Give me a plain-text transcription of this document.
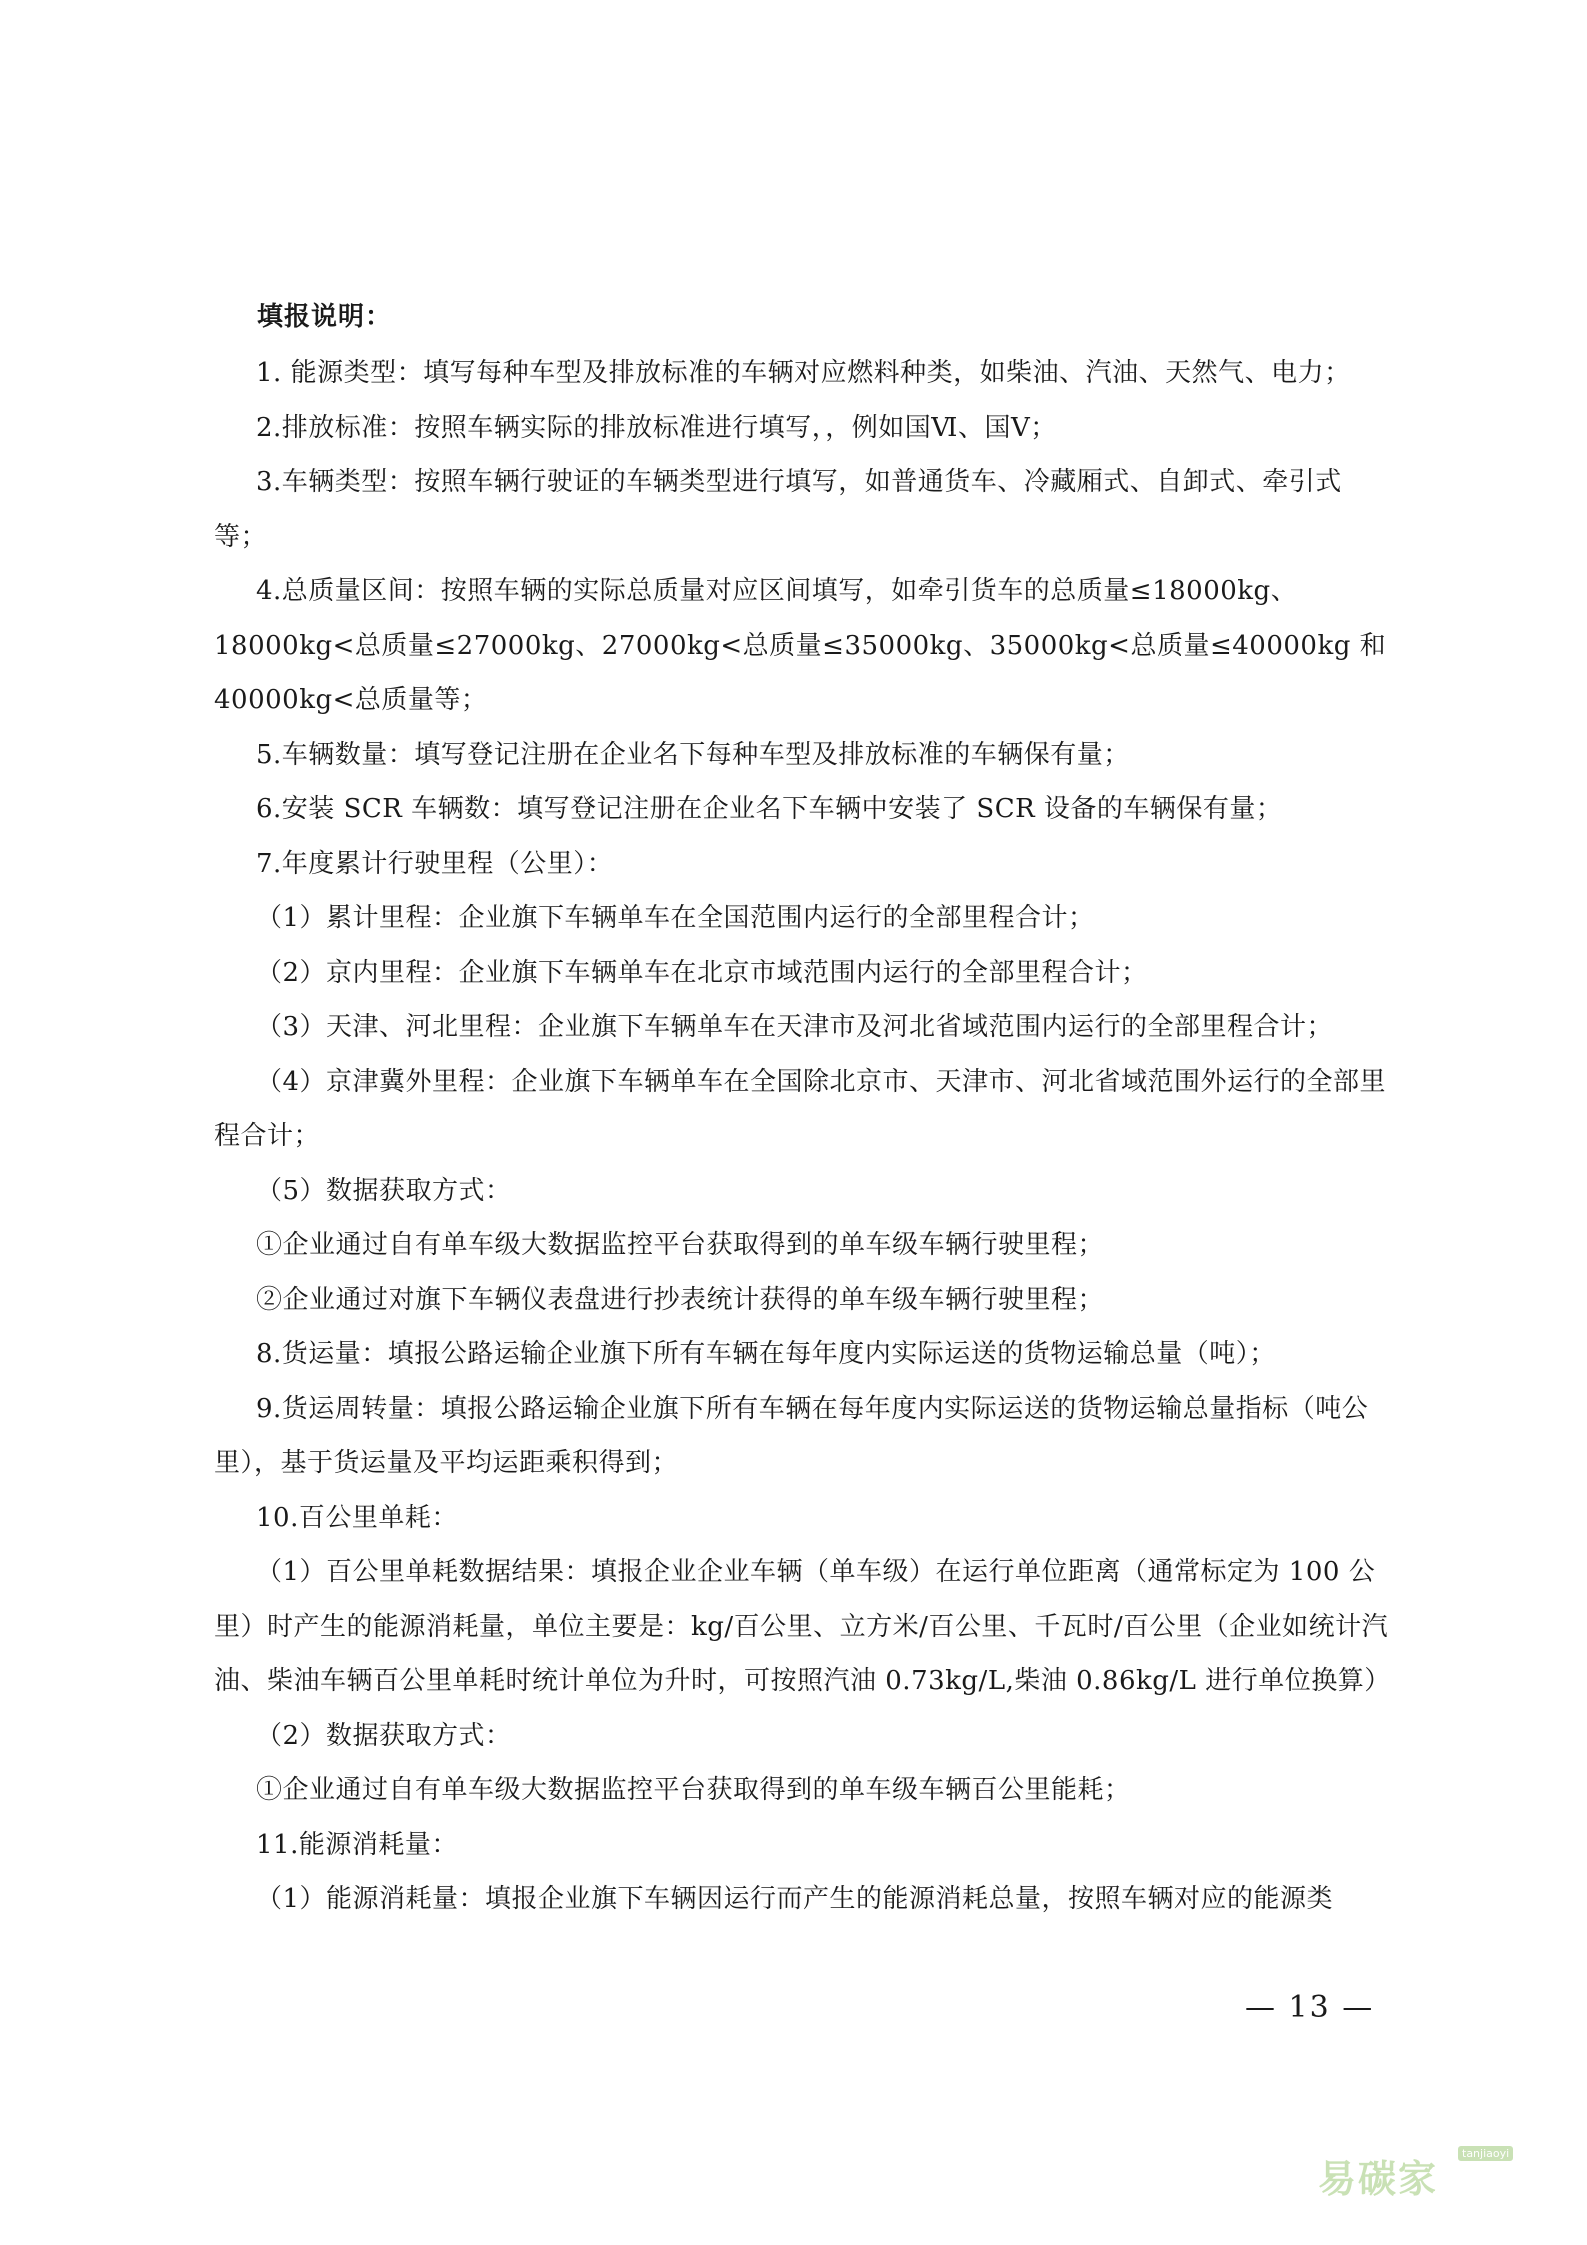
填报说明：

1. 能源类型：填写每种车型及排放标准的车辆对应燃料种类，如柴油、汽油、天然气、电力；

2.排放标准：按照车辆实际的排放标准进行填写，，例如国Ⅵ、国Ⅴ；

3.车辆类型：按照车辆行驶证的车辆类型进行填写，如普通货车、冷藏厢式、自卸式、牵引式等；

4.总质量区间：按照车辆的实际总质量对应区间填写，如牵引货车的总质量≤18000kg、18000kg<总质量≤27000kg、27000kg<总质量≤35000kg、35000kg<总质量≤40000kg 和 40000kg<总质量等；

5.车辆数量：填写登记注册在企业名下每种车型及排放标准的车辆保有量；

6.安装 SCR 车辆数：填写登记注册在企业名下车辆中安装了 SCR 设备的车辆保有量；

7.年度累计行驶里程（公里）：

（1）累计里程：企业旗下车辆单车在全国范围内运行的全部里程合计；

（2）京内里程：企业旗下车辆单车在北京市域范围内运行的全部里程合计；

（3）天津、河北里程：企业旗下车辆单车在天津市及河北省域范围内运行的全部里程合计；

（4）京津冀外里程：企业旗下车辆单车在全国除北京市、天津市、河北省域范围外运行的全部里程合计；

（5）数据获取方式：

①企业通过自有单车级大数据监控平台获取得到的单车级车辆行驶里程；

②企业通过对旗下车辆仪表盘进行抄表统计获得的单车级车辆行驶里程；

8.货运量：填报公路运输企业旗下所有车辆在每年度内实际运送的货物运输总量（吨）；

9.货运周转量：填报公路运输企业旗下所有车辆在每年度内实际运送的货物运输总量指标（吨公里），基于货运量及平均运距乘积得到；

10.百公里单耗：

（1）百公里单耗数据结果：填报企业企业车辆（单车级）在运行单位距离（通常标定为 100 公里）时产生的能源消耗量，单位主要是：kg/百公里、立方米/百公里、千瓦时/百公里（企业如统计汽油、柴油车辆百公里单耗时统计单位为升时，可按照汽油 0.73kg/L,柴油 0.86kg/L 进行单位换算）

（2）数据获取方式：

①企业通过自有单车级大数据监控平台获取得到的单车级车辆百公里能耗；

11.能源消耗量：

（1）能源消耗量：填报企业旗下车辆因运行而产生的能源消耗总量，按照车辆对应的能源类

— 13 —
易碳家
tanjiaoyi
